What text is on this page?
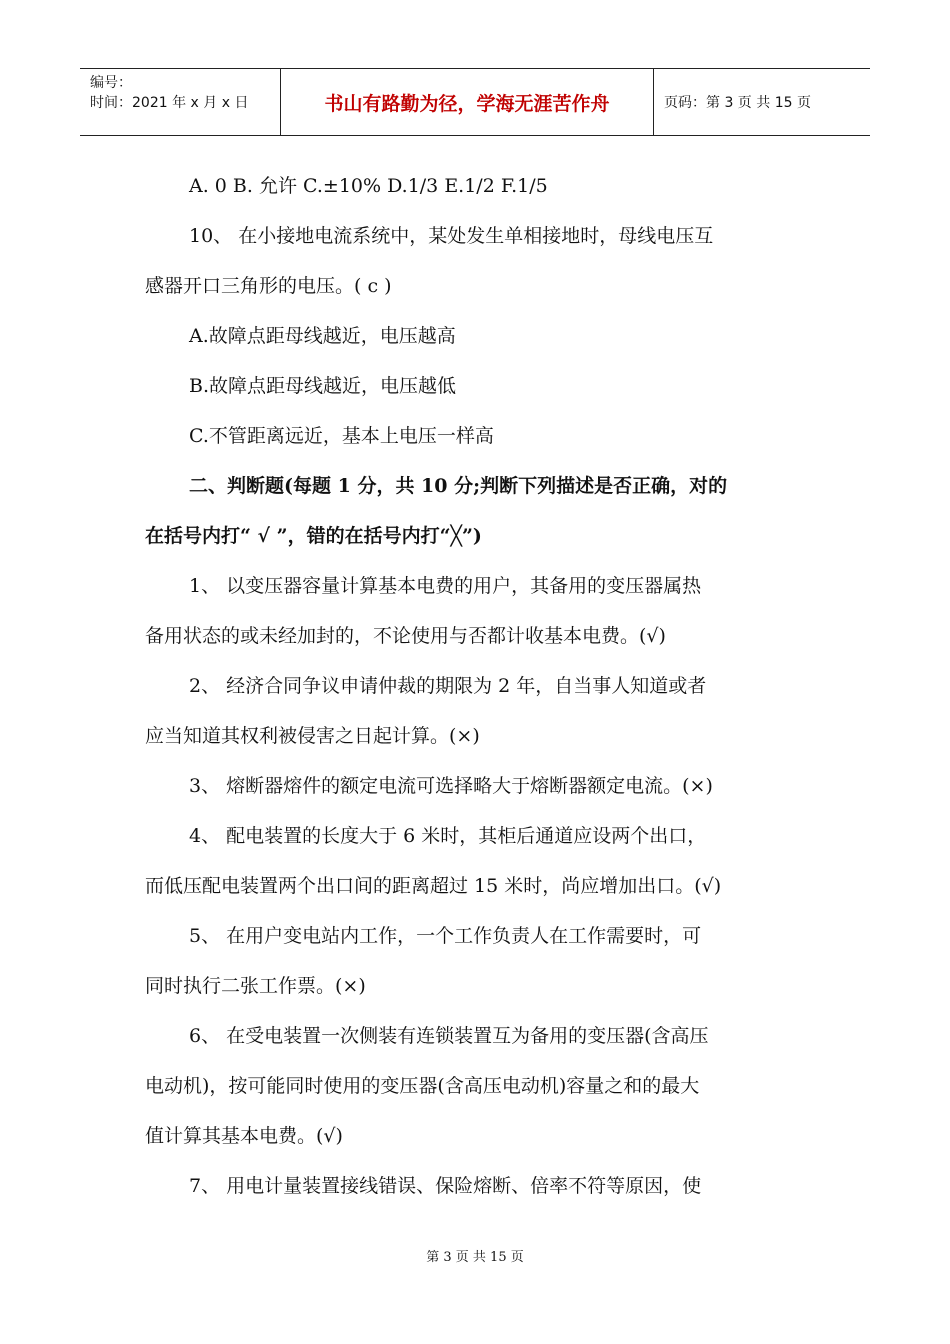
编号：
时间：2021 年 x 月 x 日	书山有路勤为径，学海无涯苦作舟	页码：第 3 页 共 15 页
A. 0 B. 允许 C.±10% D.1/3 E.1/2 F.1/5
10、 在小接地电流系统中，某处发生单相接地时，母线电压互
感器开口三角形的电压。( c )
A.故障点距母线越近，电压越高
B.故障点距母线越近，电压越低
C.不管距离远近，基本上电压一样高
二、判断题(每题 1 分，共 10 分;判断下列描述是否正确，对的
在括号内打“ √ ”，错的在括号内打“╳”)
1、 以变压器容量计算基本电费的用户，其备用的变压器属热
备用状态的或未经加封的，不论使用与否都计收基本电费。(√)
2、 经济合同争议申请仲裁的期限为 2 年，自当事人知道或者
应当知道其权利被侵害之日起计算。(×)
3、 熔断器熔件的额定电流可选择略大于熔断器额定电流。(×)
4、 配电装置的长度大于 6 米时，其柜后通道应设两个出口，
而低压配电装置两个出口间的距离超过 15 米时，尚应增加出口。(√)
5、 在用户变电站内工作，一个工作负责人在工作需要时，可
同时执行二张工作票。(×)
6、 在受电装置一次侧装有连锁装置互为备用的变压器(含高压
电动机)，按可能同时使用的变压器(含高压电动机)容量之和的最大
值计算其基本电费。(√)
7、 用电计量装置接线错误、保险熔断、倍率不符等原因，使
第 3 页 共 15 页
